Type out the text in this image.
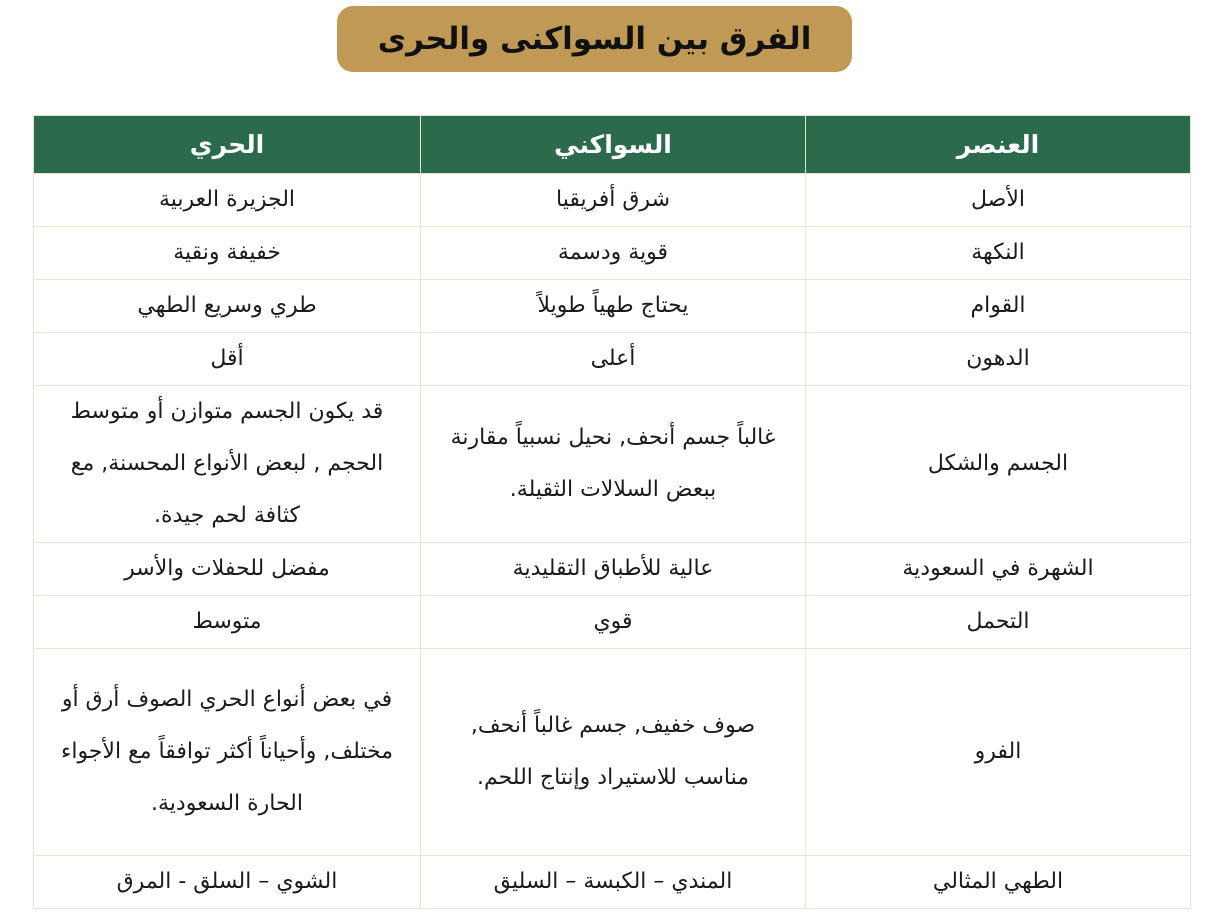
الفرق بين السواكنى والحرى
العنصر	السواكني	الحري
الأصل	شرق أفريقيا	الجزيرة العربية
النكهة	قوية ودسمة	خفيفة ونقية
القوام	يحتاج طهياً طويلاً	طري وسريع الطهي
الدهون	أعلى	أقل
الجسم والشكل	غالباً جسم أنحف, نحيل نسبياً مقارنة ببعض السلالات الثقيلة.	قد يكون الجسم متوازن أو متوسط الحجم , لبعض الأنواع المحسنة, مع كثافة لحم جيدة.
الشهرة في السعودية	عالية للأطباق التقليدية	مفضل للحفلات والأسر
التحمل	قوي	متوسط
الفرو	صوف خفيف, جسم غالباً أنحف, مناسب للاستيراد وإنتاج اللحم.	في بعض أنواع الحري الصوف أرق أو مختلف, وأحياناً أكثر توافقاً مع الأجواء الحارة السعودية.
الطهي المثالي	المندي – الكبسة – السليق	الشوي – السلق - المرق
